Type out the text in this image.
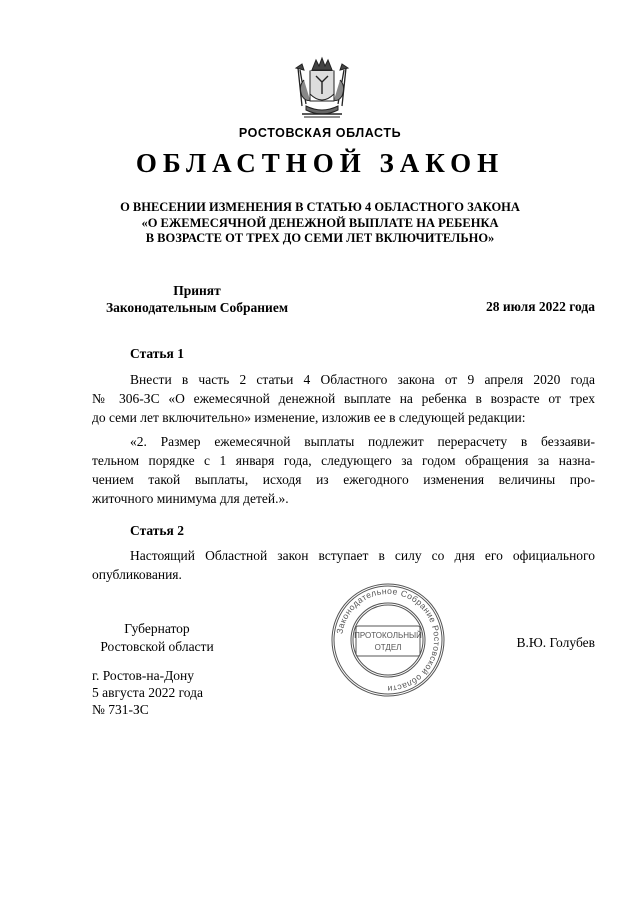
РОСТОВСКАЯ ОБЛАСТЬ
ОБЛАСТНОЙ ЗАКОН
О ВНЕСЕНИИ ИЗМЕНЕНИЯ В СТАТЬЮ 4 ОБЛАСТНОГО ЗАКОНА
«О ЕЖЕМЕСЯЧНОЙ ДЕНЕЖНОЙ ВЫПЛАТЕ НА РЕБЕНКА
В ВОЗРАСТЕ ОТ ТРЕХ ДО СЕМИ ЛЕТ ВКЛЮЧИТЕЛЬНО»
Принят
Законодательным Собранием	28 июля 2022 года
Статья 1
Внести в часть 2 статьи 4 Областного закона от 9 апреля 2020 года
№ 306-ЗС «О ежемесячной денежной выплате на ребенка в возрасте от трех
до семи лет включительно» изменение, изложив ее в следующей редакции:
«2. Размер ежемесячной выплаты подлежит перерасчету в беззаяви-
тельном порядке с 1 января года, следующего за годом обращения за назна-
чением такой выплаты, исходя из ежегодного изменения величины про-
житочного минимума для детей.».
Статья 2
Настоящий Областной закон вступает в силу со дня его официального
опубликования.
Губернатор
Ростовской области	В.Ю. Голубев
г. Ростов-на-Дону
5 августа 2022 года
№ 731-ЗС
Законодательное Собрание Ростовской области
ПРОТОКОЛЬНЫЙ
ОТДЕЛ
